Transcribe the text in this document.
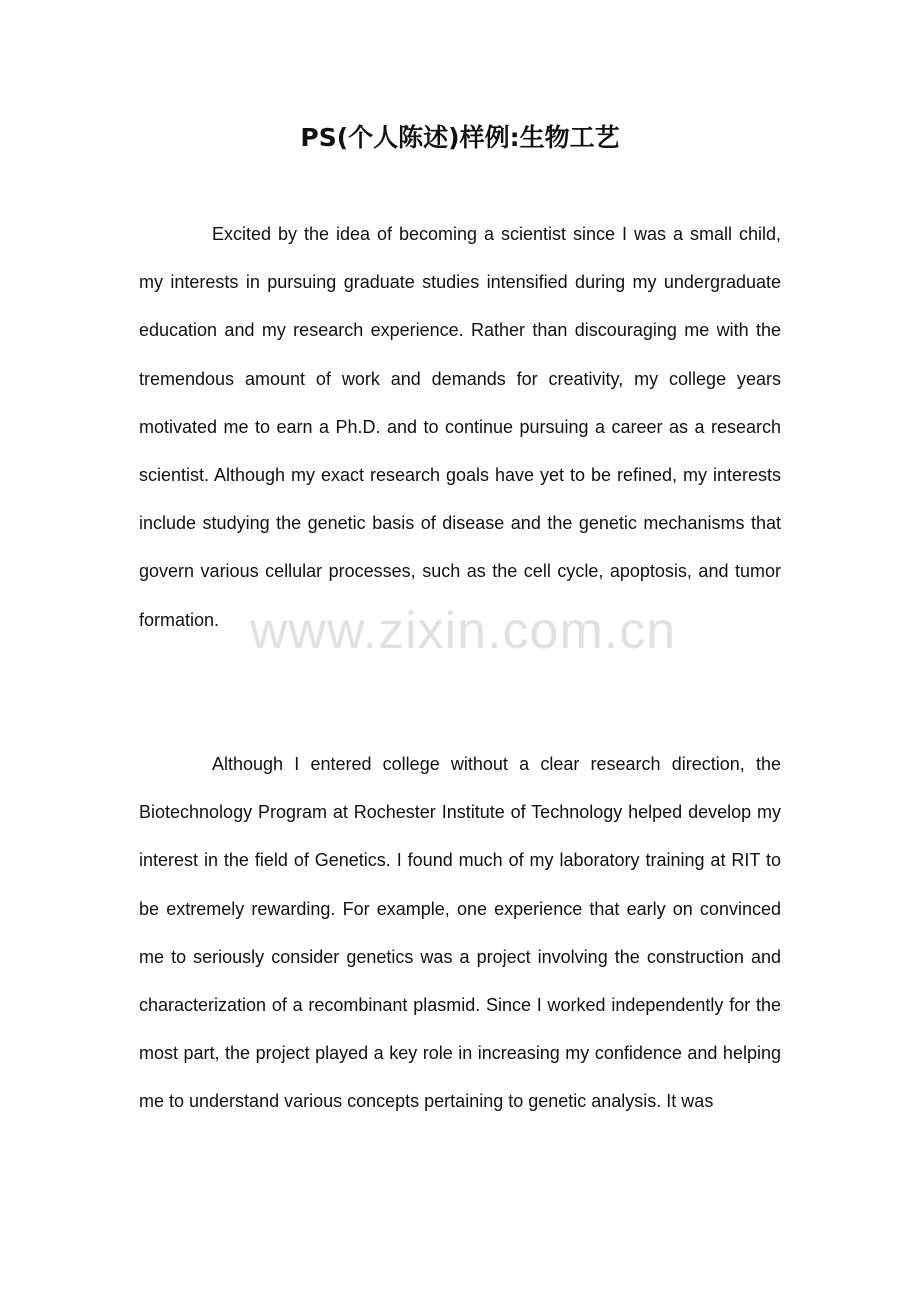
PS(个人陈述)样例:生物工艺

Excited by the idea of becoming a scientist since I was a small child, my interests in pursuing graduate studies intensified during my undergraduate education and my research experience. Rather than discouraging me with the tremendous amount of work and demands for creativity, my college years motivated me to earn a Ph.D. and to continue pursuing a career as a research scientist. Although my exact research goals have yet to be refined, my interests include studying the genetic basis of disease and the genetic mechanisms that govern various cellular processes, such as the cell cycle, apoptosis, and tumor formation.

Although I entered college without a clear research direction, the Biotechnology Program at Rochester Institute of Technology helped develop my interest in the field of Genetics. I found much of my laboratory training at RIT to be extremely rewarding. For example, one experience that early on convinced me to seriously consider genetics was a project involving the construction and characterization of a recombinant plasmid. Since I worked independently for the most part, the project played a key role in increasing my confidence and helping me to understand various concepts pertaining to genetic analysis. It was

www.zixin.com.cn
